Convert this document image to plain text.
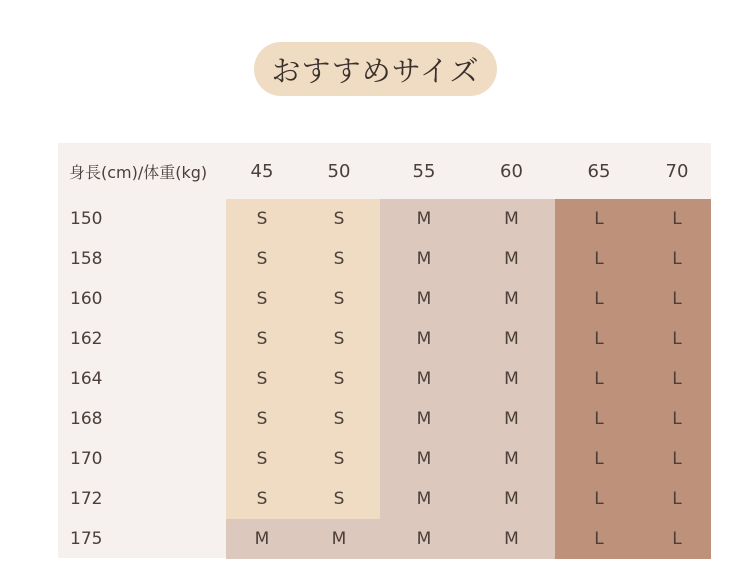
おすすめサイズ
身長(cm)/体重(kg)	45	50	55	60	65	70
150	S	S	M	M	L	L
158	S	S	M	M	L	L
160	S	S	M	M	L	L
162	S	S	M	M	L	L
164	S	S	M	M	L	L
168	S	S	M	M	L	L
170	S	S	M	M	L	L
172	S	S	M	M	L	L
175	M	M	M	M	L	L
